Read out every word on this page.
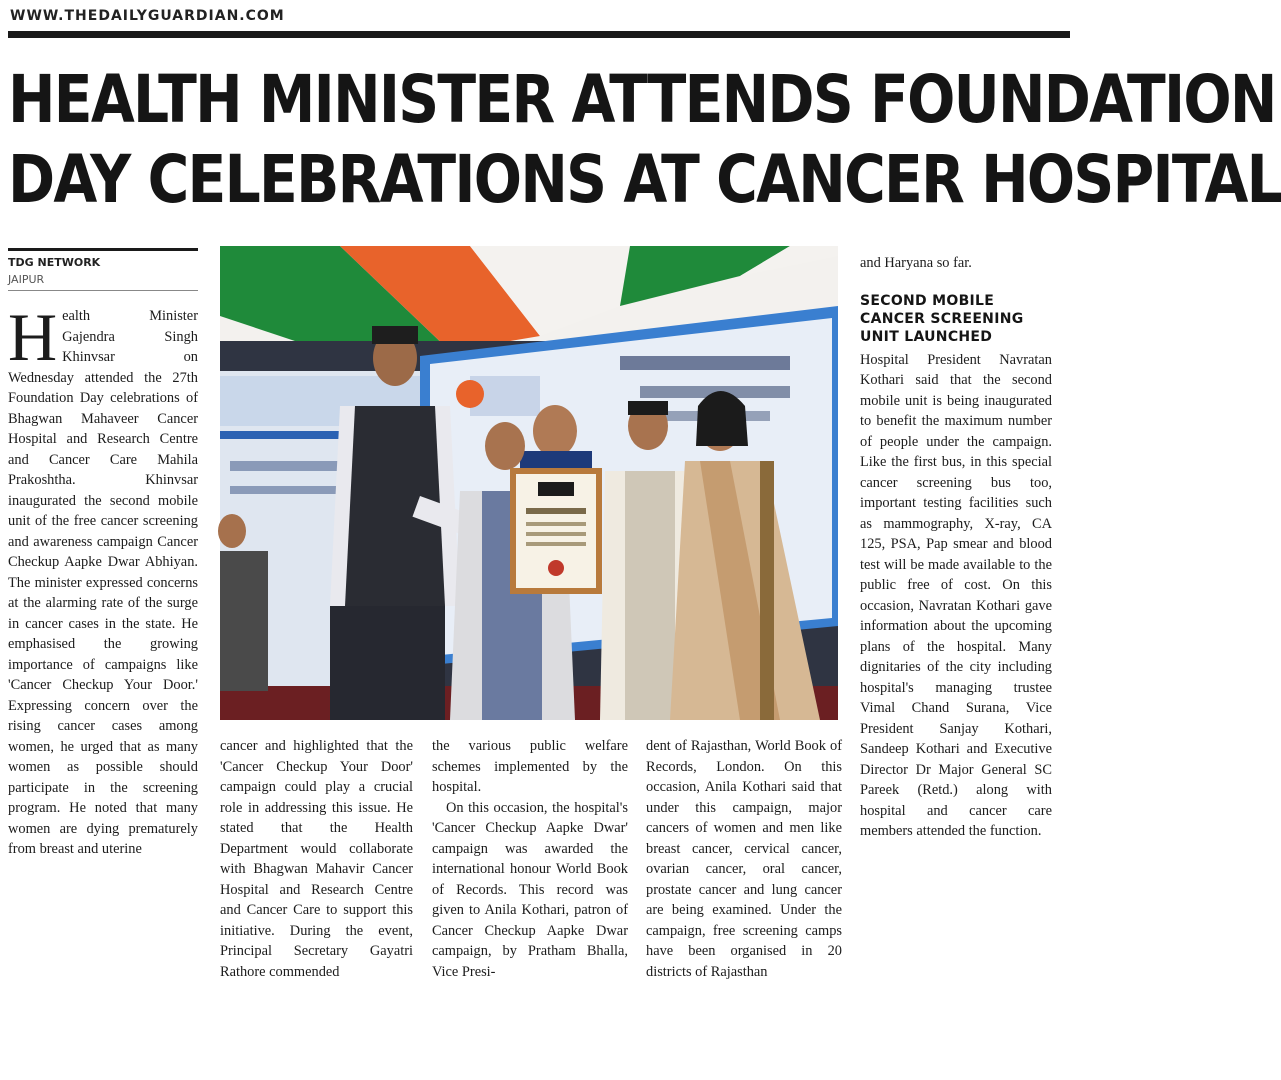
WWW.THEDAILYGUARDIAN.COM
HEALTH MINISTER ATTENDS FOUNDATION
DAY CELEBRATIONS AT CANCER HOSPITAL
TDG NETWORK
JAIPUR

Health Minister Gajendra Singh Khinvsar on Wednesday attended the 27th Foundation Day celebrations of Bhagwan Mahaveer Cancer Hospital and Research Centre and Cancer Care Mahila Prakoshtha. Khinvsar inaugurated the second mobile unit of the free cancer screening and awareness campaign Cancer Checkup Aapke Dwar Abhiyan. The minister expressed concerns at the alarming rate of the surge in cancer cases in the state. He emphasised the growing importance of campaigns like 'Cancer Checkup Your Door.' Expressing concern over the rising cancer cases among women, he urged that as many women as possible should participate in the screening program. He noted that many women are dying prematurely from breast and uterine

cancer and highlighted that the 'Cancer Checkup Your Door' campaign could play a crucial role in addressing this issue. He stated that the Health Department would collaborate with Bhagwan Mahavir Cancer Hospital and Research Centre and Cancer Care to support this initiative. During the event, Principal Secretary Gayatri Rathore commended

the various public welfare schemes implemented by the hospital.

On this occasion, the hospital's 'Cancer Checkup Aapke Dwar' campaign was awarded the international honour World Book of Records. This record was given to Anila Kothari, patron of Cancer Checkup Aapke Dwar campaign, by Pratham Bhalla, Vice Presi-

dent of Rajasthan, World Book of Records, London. On this occasion, Anila Kothari said that under this campaign, major cancers of women and men like breast cancer, cervical cancer, ovarian cancer, oral cancer, prostate cancer and lung cancer are being examined. Under the campaign, free screening camps have been organised in 20 districts of Rajasthan

and Haryana so far.

SECOND MOBILE CANCER SCREENING UNIT LAUNCHED

Hospital President Navratan Kothari said that the second mobile unit is being inaugurated to benefit the maximum number of people under the campaign. Like the first bus, in this special cancer screening bus too, important testing facilities such as mammography, X-ray, CA 125, PSA, Pap smear and blood test will be made available to the public free of cost. On this occasion, Navratan Kothari gave information about the upcoming plans of the hospital. Many dignitaries of the city including hospital's managing trustee Vimal Chand Surana, Vice President Sanjay Kothari, Sandeep Kothari and Executive Director Dr Major General SC Pareek (Retd.) along with hospital and cancer care members attended the function.
